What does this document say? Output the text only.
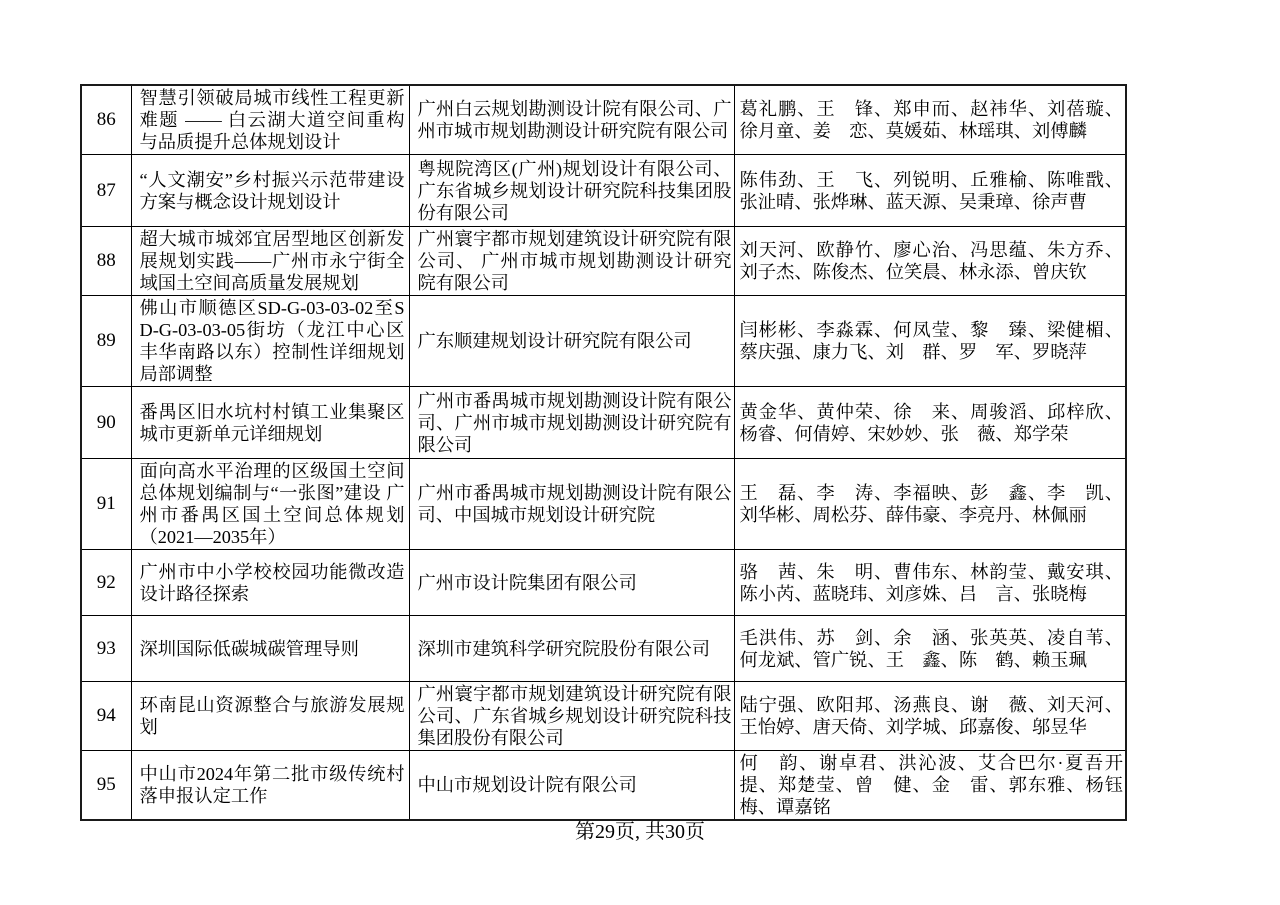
86	智慧引领破局城市线性工程更新难题 —— 白云湖大道空间重构与品质提升总体规划设计	广州白云规划勘测设计院有限公司、广州市城市规划勘测设计研究院有限公司	葛礼鹏、王　锋、郑申而、赵祎华、刘蓓璇、徐月童、姜　恋、莫媛茹、林瑶琪、刘傅麟
87	“人文潮安”乡村振兴示范带建设方案与概念设计规划设计	粤规院湾区(广州)规划设计有限公司、广东省城乡规划设计研究院科技集团股份有限公司	陈伟劲、王　飞、列锐明、丘雅榆、陈唯戬、张沚晴、张烨琳、蓝天源、吴秉璋、徐声曹
88	超大城市城郊宜居型地区创新发展规划实践——广州市永宁街全域国土空间高质量发展规划	广州寰宇都市规划建筑设计研究院有限公司、 广州市城市规划勘测设计研究院有限公司	刘天河、欧静竹、廖心治、冯思蕴、朱方乔、刘子杰、陈俊杰、位笑晨、林永添、曾庆钦
89	佛山市顺德区SD-G-03-03-02至SD-G-03-03-05街坊（龙江中心区丰华南路以东）控制性详细规划局部调整	广东顺建规划设计研究院有限公司	闫彬彬、李淼霖、何凤莹、黎　臻、梁健楣、蔡庆强、康力飞、刘　群、罗　军、罗晓萍
90	番禺区旧水坑村村镇工业集聚区城市更新单元详细规划	广州市番禺城市规划勘测设计院有限公司、广州市城市规划勘测设计研究院有限公司	黄金华、黄仲荣、徐　来、周骏滔、邱梓欣、杨睿、何倩婷、宋妙妙、张　薇、郑学荣
91	面向高水平治理的区级国土空间总体规划编制与“一张图”建设 广州市番禺区国土空间总体规划（2021—2035年）	广州市番禺城市规划勘测设计院有限公司、中国城市规划设计研究院	王　磊、李　涛、李福映、彭　鑫、李　凯、刘华彬、周松芬、薛伟豪、李亮丹、林佩丽
92	广州市中小学校校园功能微改造设计路径探索	广州市设计院集团有限公司	骆　茜、朱　明、曹伟东、林韵莹、戴安琪、陈小芮、蓝晓玮、刘彦姝、吕　言、张晓梅
93	深圳国际低碳城碳管理导则	深圳市建筑科学研究院股份有限公司	毛洪伟、苏　剑、余　涵、张英英、凌自苇、何龙斌、管广锐、王　鑫、陈　鹤、赖玉珮
94	环南昆山资源整合与旅游发展规划	广州寰宇都市规划建筑设计研究院有限公司、广东省城乡规划设计研究院科技集团股份有限公司	陆宁强、欧阳邦、汤燕良、谢　薇、刘天河、王怡婷、唐天倚、刘学城、邱嘉俊、邬昱华
95	中山市2024年第二批市级传统村落申报认定工作	中山市规划设计院有限公司	何　韵、谢卓君、洪沁波、艾合巴尔·夏吾开提、郑楚莹、曾　健、金　雷、郭东雅、杨钰梅、谭嘉铭
第29页, 共30页
